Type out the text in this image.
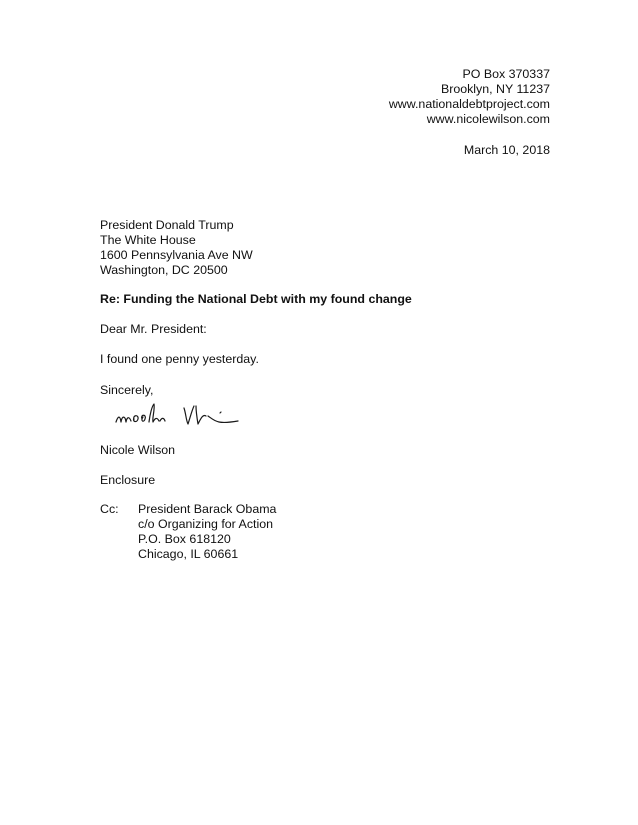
PO Box 370337
Brooklyn, NY 11237
www.nationaldebtproject.com
www.nicolewilson.com
March 10, 2018
President Donald Trump
The White House
1600 Pennsylvania Ave NW
Washington, DC 20500
Re: Funding the National Debt with my found change
Dear Mr. President:
I found one penny yesterday.
Sincerely,
Nicole Wilson
Enclosure
Cc: President Barack Obama
c/o Organizing for Action
P.O. Box 618120
Chicago, IL 60661
